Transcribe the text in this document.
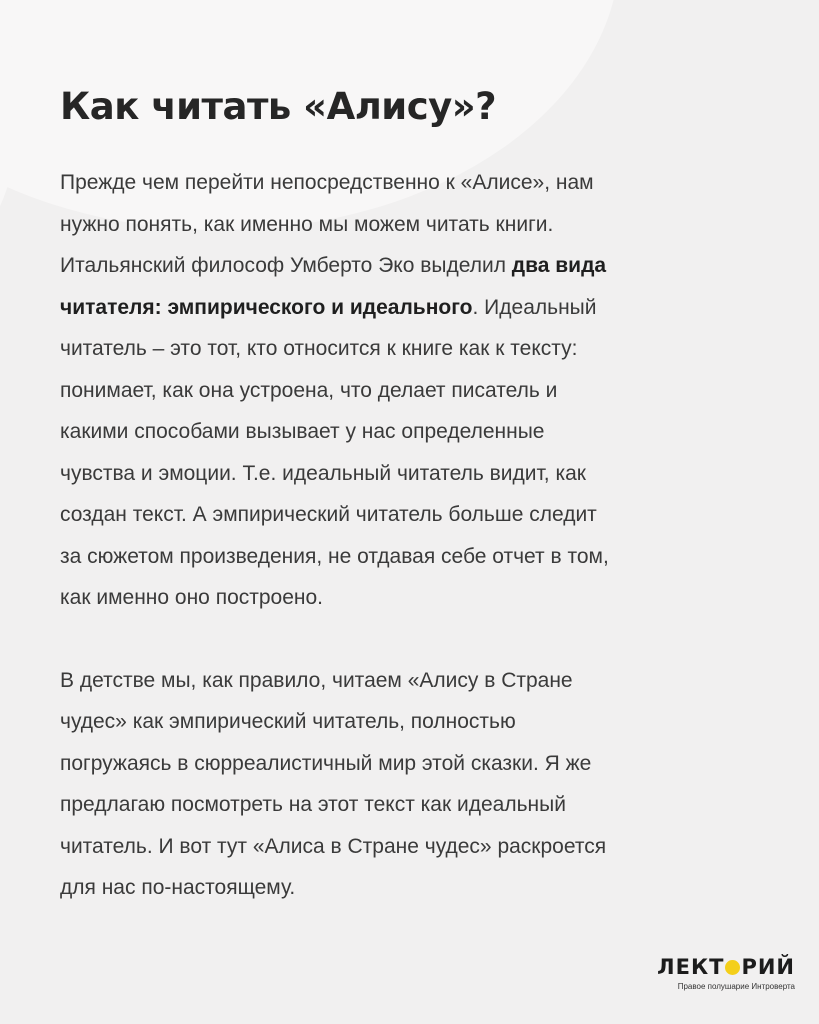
Как читать «Алису»?

Прежде чем перейти непосредственно к «Алисе», нам
нужно понять, как именно мы можем читать книги.
Итальянский философ Умберто Эко выделил два вида
читателя: эмпирического и идеального. Идеальный
читатель – это тот, кто относится к книге как к тексту:
понимает, как она устроена, что делает писатель и
какими способами вызывает у нас определенные
чувства и эмоции. Т.е. идеальный читатель видит, как
создан текст. А эмпирический читатель больше следит
за сюжетом произведения, не отдавая себе отчет в том,
как именно оно построено.

В детстве мы, как правило, читаем «Алису в Стране
чудес» как эмпирический читатель, полностью
погружаясь в сюрреалистичный мир этой сказки. Я же
предлагаю посмотреть на этот текст как идеальный
читатель. И вот тут «Алиса в Стране чудес» раскроется
для нас по-настоящему.

ЛЕКТ РИЙ
Правое полушарие Интроверта
